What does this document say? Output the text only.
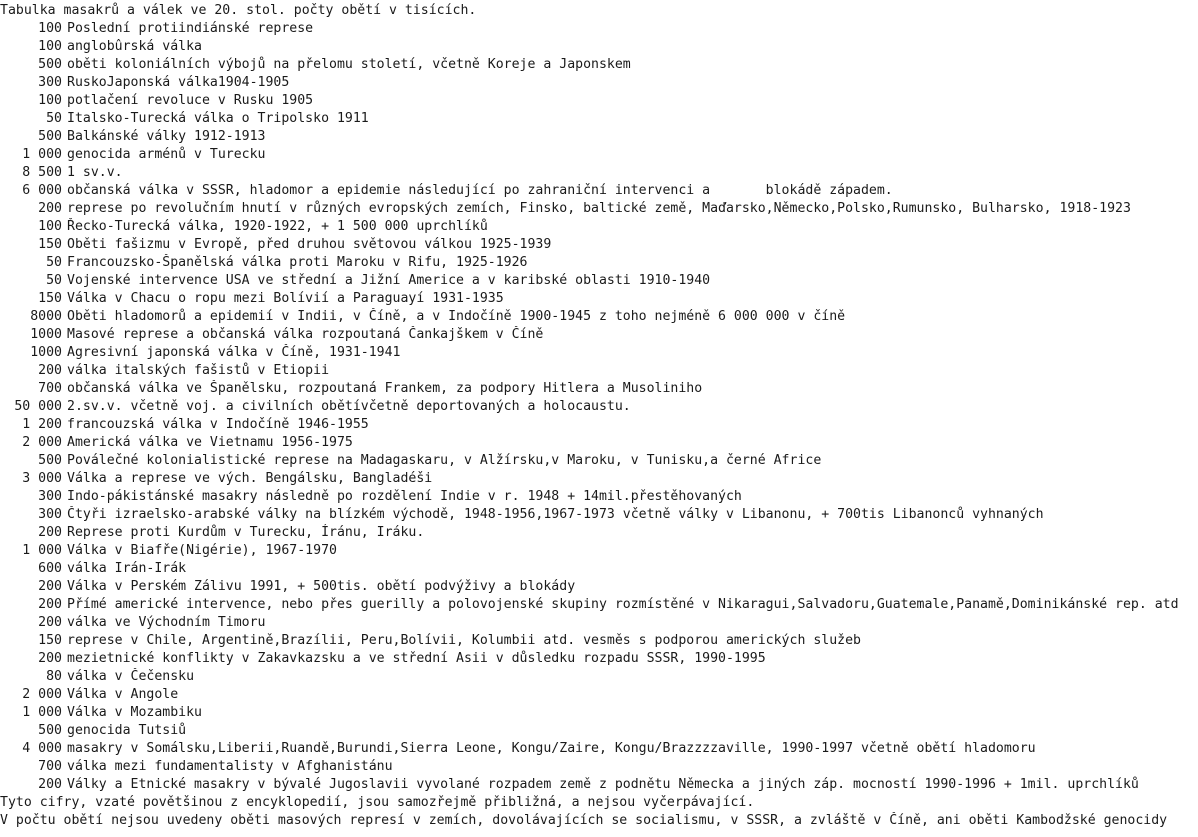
Tabulka masakrů a válek ve 20. stol. počty obětí v tisících.
100 Poslední protiindiánské represe
100 anglobûrská válka
500 oběti koloniálních výbojů na přelomu století, včetně Koreje a Japonskem
300 RuskoJaponská válka1904-1905
100 potlačení revoluce v Rusku 1905
50 Italsko-Turecká válka o Tripolsko 1911
500 Balkánské války 1912-1913
1 000 genocida arménů v Turecku
8 500 1 sv.v.
6 000 občanská válka v SSSR, hladomor a epidemie následující po zahraniční intervenci a       blokádě západem.
200 represe po revolučním hnutí v různých evropských zemích, Finsko, baltické země, Maďarsko,Německo,Polsko,Rumunsko, Bulharsko, 1918-1923
100 Řecko-Turecká válka, 1920-1922, + 1 500 000 uprchlíků
150 Oběti fašizmu v Evropě, před druhou světovou válkou 1925-1939
50 Francouzsko-Španělská válka proti Maroku v Rifu, 1925-1926
50 Vojenské intervence USA ve střední a Jižní Americe a v karibské oblasti 1910-1940
150 Válka v Chacu o ropu mezi Bolívií a Paraguayí 1931-1935
8000 Oběti hladomorů a epidemií v Indii, v Číně, a v Indočíně 1900-1945 z toho nejméně 6 000 000 v číně
1000 Masové represe a občanská válka rozpoutaná Čankajškem v Číně
1000 Agresivní japonská válka v Číně, 1931-1941
200 válka italských fašistů v Etiopii
700 občanská válka ve Španělsku, rozpoutaná Frankem, za podpory Hitlera a Musoliniho
50 000 2.sv.v. včetně voj. a civilních obětívčetně deportovaných a holocaustu.
1 200 francouzská válka v Indočíně 1946-1955
2 000 Americká válka ve Vietnamu 1956-1975
500 Poválečné kolonialistické represe na Madagaskaru, v Alžírsku,v Maroku, v Tunisku,a černé Africe
3 000 Válka a represe ve vých. Bengálsku, Bangladéši
300 Indo-pákistánské masakry následně po rozdělení Indie v r. 1948 + 14mil.přestěhovaných
300 Čtyři izraelsko-arabské války na blízkém východě, 1948-1956,1967-1973 včetně války v Libanonu, + 700tis Libanonců vyhnaných
200 Represe proti Kurdům v Turecku, Íránu, Iráku.
1 000 Válka v Biafře(Nigérie), 1967-1970
600 válka Irán-Irák
200 Válka v Perském Zálivu 1991, + 500tis. obětí podvýživy a blokády
200 Přímé americké intervence, nebo přes guerilly a polovojenské skupiny rozmístěné v Nikaragui,Salvadoru,Guatemale,Panamě,Dominikánské rep. atd
200 válka ve Východním Timoru
150 represe v Chile, Argentině,Brazílii, Peru,Bolívii, Kolumbii atd. vesměs s podporou amerických služeb
200 mezietnické konflikty v Zakavkazsku a ve střední Asii v důsledku rozpadu SSSR, 1990-1995
80 válka v Čečensku
2 000 Válka v Angole
1 000 Válka v Mozambiku
500 genocida Tutsiů
4 000 masakry v Somálsku,Liberii,Ruandě,Burundi,Sierra Leone, Kongu/Zaire, Kongu/Brazzzzaville, 1990-1997 včetně obětí hladomoru
700 válka mezi fundamentalisty v Afghanistánu
200 Války a Etnické masakry v bývalé Jugoslavii vyvolané rozpadem země z podnětu Německa a jiných záp. mocností 1990-1996 + 1mil. uprchlíků
Tyto cifry, vzaté povětšinou z encyklopedií, jsou samozřejmě přibližná, a nejsou vyčerpávající.
V počtu obětí nejsou uvedeny oběti masových represí v zemích, dovolávajících se socialismu, v SSSR, a zvláště v Číně, ani oběti Kambodžské genocidy
